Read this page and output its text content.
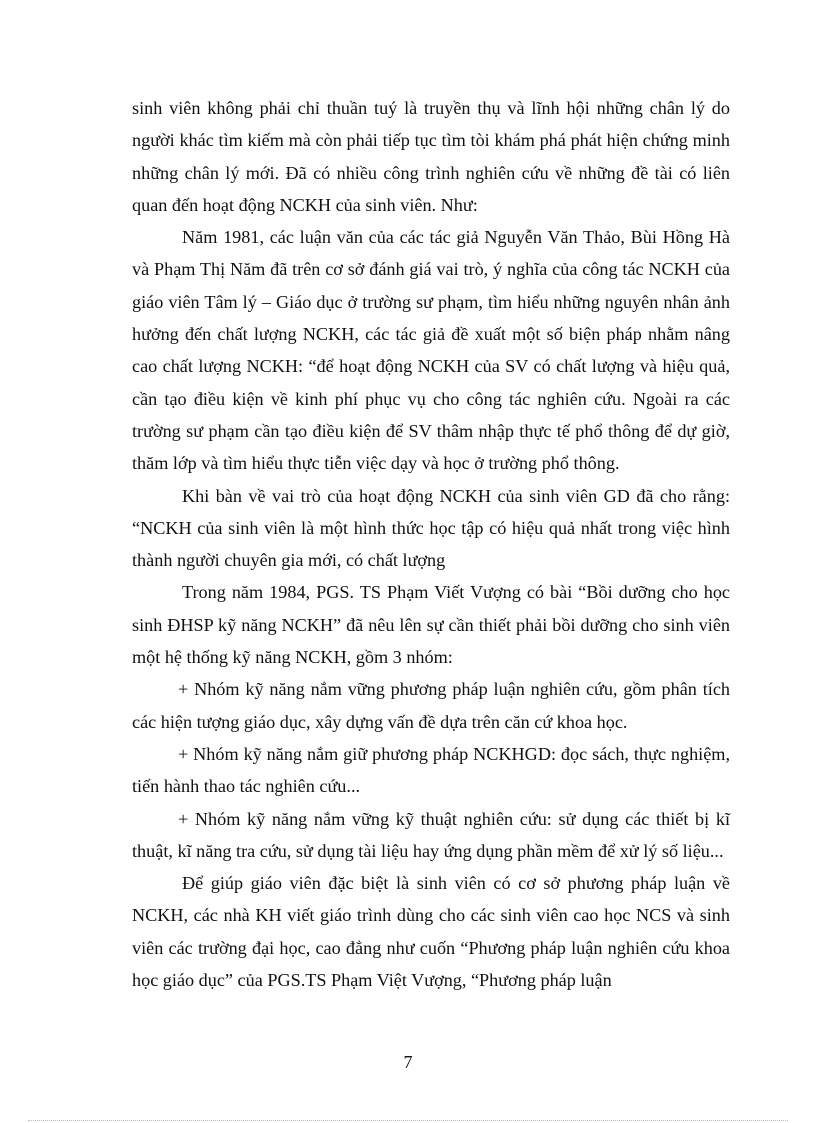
sinh viên không phải chỉ thuần tuý là truyền thụ và lĩnh hội những chân lý do người khác tìm kiếm mà còn phải tiếp tục tìm tòi khám phá phát hiện chứng minh những chân lý mới. Đã có nhiều công trình nghiên cứu về những đề tài có liên quan đến hoạt động NCKH của sinh viên. Như:

Năm 1981, các luận văn của các tác giả Nguyễn Văn Thảo, Bùi Hồng Hà và Phạm Thị Năm đã trên cơ sở đánh giá vai trò, ý nghĩa của công tác NCKH của giáo viên Tâm lý – Giáo dục ở trường sư phạm, tìm hiểu những nguyên nhân ảnh hưởng đến chất lượng NCKH, các tác giả đề xuất một số biện pháp nhằm nâng cao chất lượng NCKH: “để hoạt động NCKH của SV có chất lượng và hiệu quả, cần tạo điều kiện về kinh phí phục vụ cho công tác nghiên cứu. Ngoài ra các trường sư phạm cần tạo điều kiện để SV thâm nhập thực tế phổ thông để dự giờ, thăm lớp và tìm hiểu thực tiễn việc dạy và học ở trường phổ thông.

Khi bàn về vai trò của hoạt động NCKH của sinh viên GD đã cho rằng: “NCKH của sinh viên là một hình thức học tập có hiệu quả nhất trong việc hình thành người chuyên gia mới, có chất lượng

Trong năm 1984, PGS. TS Phạm Viết Vượng có bài “Bồi dưỡng cho học sinh ĐHSP kỹ năng NCKH” đã nêu lên sự cần thiết phải bồi dưỡng cho sinh viên một hệ thống kỹ năng NCKH, gồm 3 nhóm:

+ Nhóm kỹ năng nắm vững phương pháp luận nghiên cứu, gồm phân tích các hiện tượng giáo dục, xây dựng vấn đề dựa trên căn cứ khoa học.

+ Nhóm kỹ năng nắm giữ phương pháp NCKHGD: đọc sách, thực nghiệm, tiến hành thao tác nghiên cứu...

+ Nhóm kỹ năng nắm vững kỹ thuật nghiên cứu: sử dụng các thiết bị kĩ thuật, kĩ năng tra cứu, sử dụng tài liệu hay ứng dụng phần mềm để xử lý số liệu...

Để giúp giáo viên đặc biệt là sinh viên có cơ sở phương pháp luận về NCKH, các nhà KH viết giáo trình dùng cho các sinh viên cao học NCS và sinh viên các trường đại học, cao đẳng như cuốn “Phương pháp luận nghiên cứu khoa học giáo dục” của PGS.TS Phạm Việt Vượng, “Phương pháp luận

7
